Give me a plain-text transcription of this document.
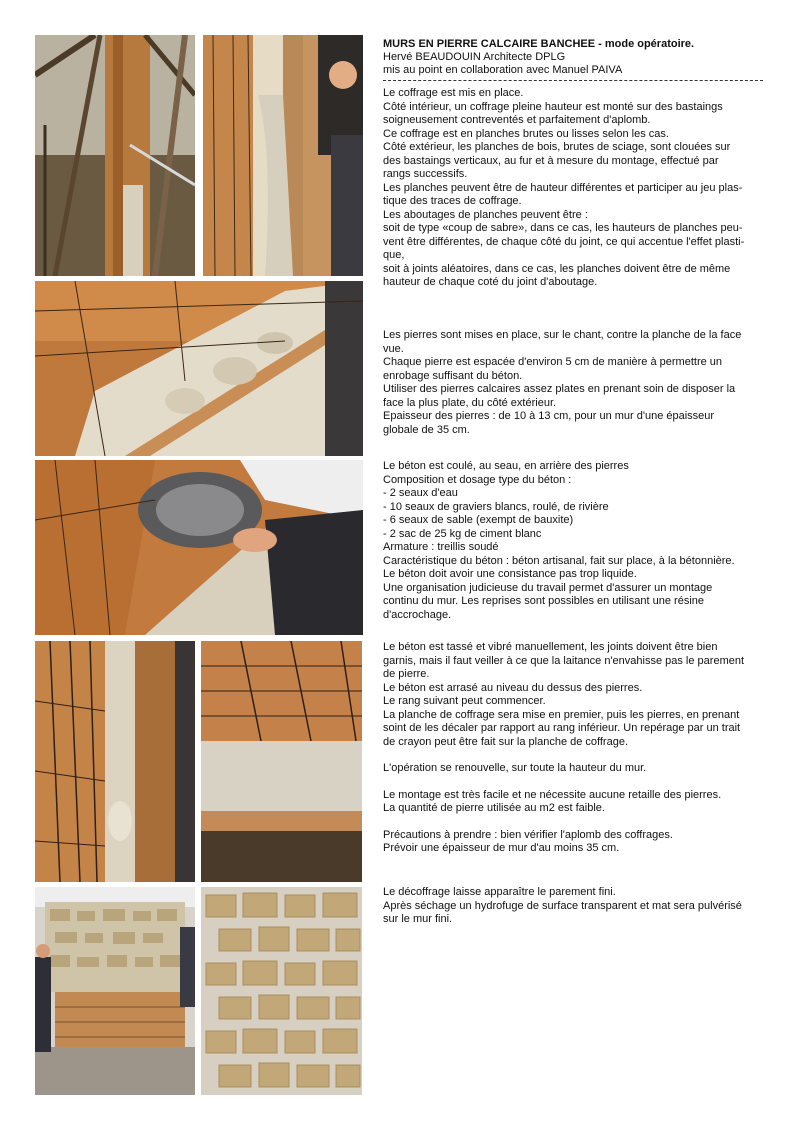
MURS EN PIERRE CALCAIRE BANCHEE - mode opératoire.
Hervé BEAUDOUIN Architecte DPLG
mis au point en collaboration avec Manuel PAIVA
Le coffrage est mis en place.
Côté intérieur, un coffrage pleine hauteur est monté sur des bastaings
soigneusement contreventés et parfaitement d'aplomb.
Ce coffrage est en planches brutes ou lisses selon les cas.
Côté extérieur, les planches de bois, brutes de sciage, sont clouées sur
des bastaings verticaux, au fur et à mesure du montage, effectué par
rangs successifs.
Les planches peuvent être de hauteur différentes et participer au jeu plas-
tique des traces de coffrage.
Les aboutages de planches peuvent être :
soit de type «coup de sabre», dans ce cas, les hauteurs de planches peu-
vent être différentes, de chaque côté du joint, ce qui accentue l'effet plasti-
que,
soit à joints aléatoires, dans ce cas, les planches doivent être de même
hauteur de chaque coté du joint d'aboutage.
Les pierres sont mises en place, sur le chant, contre la planche de la face
vue.
Chaque pierre est espacée d'environ 5 cm de manière à permettre un
enrobage suffisant du béton.
Utiliser des pierres calcaires assez plates en prenant soin de disposer la
face la plus plate, du côté extérieur.
Epaisseur des pierres : de 10 à 13 cm, pour un mur d'une épaisseur
globale de 35 cm.
Le béton est coulé, au seau, en arrière des pierres
Composition et dosage type du béton :
- 2 seaux d'eau
- 10 seaux de graviers blancs, roulé, de rivière
- 6 seaux de sable (exempt de bauxite)
- 2 sac de 25 kg de ciment blanc
Armature : treillis soudé
Caractéristique du béton : béton artisanal, fait sur place, à la bétonnière.
Le béton doit avoir une consistance pas trop liquide.
Une organisation judicieuse du travail permet d'assurer un montage
continu du mur. Les reprises sont possibles en utilisant une résine
d'accrochage.
Le béton est tassé et vibré manuellement, les joints doivent être bien
garnis, mais il faut veiller à ce que la laitance n'envahisse pas le parement
de pierre.
Le béton est arrasé au niveau du dessus des pierres.
Le rang suivant peut commencer.
La planche de coffrage sera mise en premier, puis les pierres, en prenant
soint de les décaler par rapport au rang inférieur. Un repérage par un trait
de crayon peut être fait sur la planche de coffrage.
L'opération se renouvelle, sur toute la hauteur du mur.
Le montage est très facile et ne nécessite aucune retaille des pierres.
La quantité de pierre utilisée au m2 est faible.
Précautions à prendre : bien vérifier l'aplomb des coffrages.
Prévoir une épaisseur de mur d'au moins 35 cm.
Le décoffrage laisse apparaître le parement fini.
Après séchage un hydrofuge de surface transparent et mat sera pulvérisé
sur le mur fini.
